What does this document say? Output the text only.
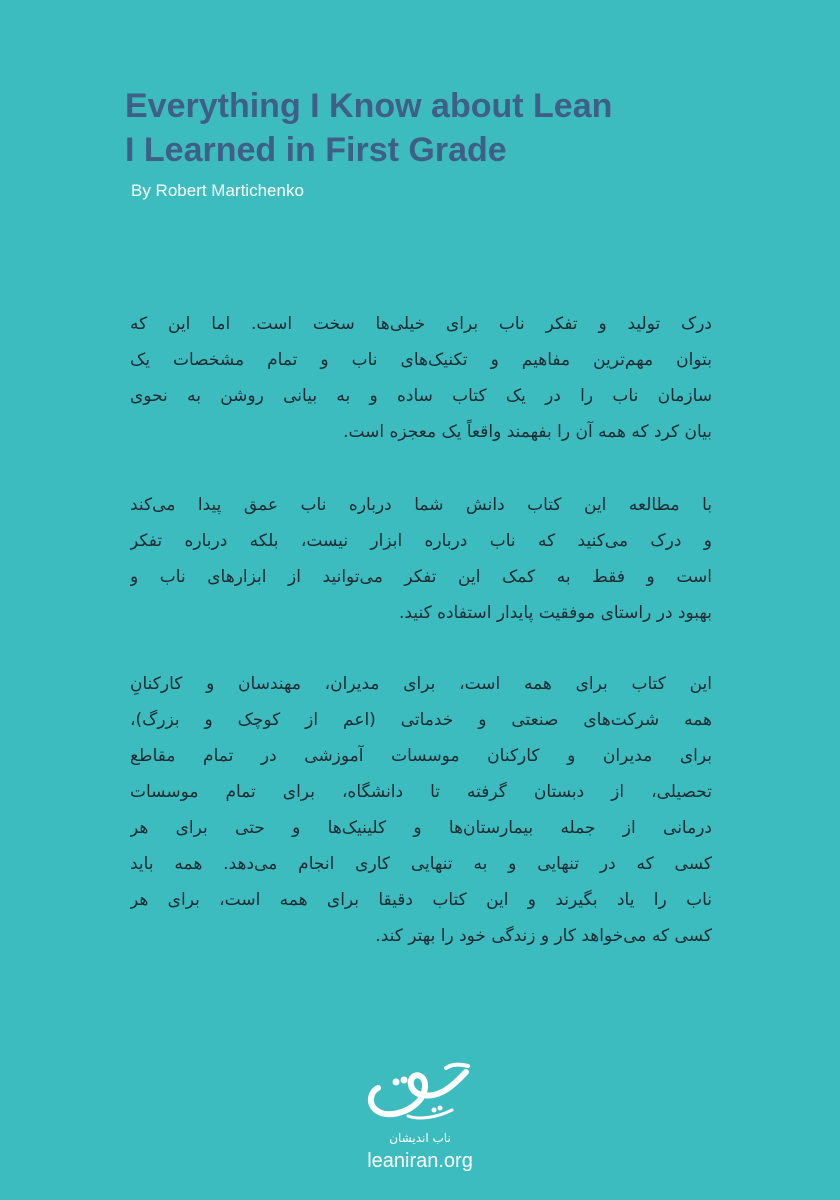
Everything I Know about Lean
I Learned in First Grade
By Robert Martichenko
درک تولید و تفکر ناب برای خیلی‌ها سخت است. اما این که
بتوان مهم‌ترین مفاهیم و تکنیک‌های ناب و تمام مشخصات یک
سازمان ناب را در یک کتاب ساده و به بیانی روشن به نحوی
بیان کرد که همه آن را بفهمند واقعاً یک معجزه است.
با مطالعه این کتاب دانش شما درباره ناب عمق پیدا می‌کند
و درک می‌کنید که ناب درباره ابزار نیست، بلکه درباره تفکر
است و فقط به کمک این تفکر می‌توانید از ابزارهای ناب و
بهبود در راستای موفقیت پایدار استفاده کنید.
این کتاب برای همه است، برای مدیران، مهندسان و کارکنانِ
همه شرکت‌های صنعتی و خدماتی (اعم از کوچک و بزرگ)،
برای مدیران و کارکنان موسسات آموزشی در تمام مقاطع
تحصیلی، از دبستان گرفته تا دانشگاه، برای تمام موسسات
درمانی از جمله بیمارستان‌ها و کلینیک‌ها و حتی برای هر
کسی که در تنهایی و به تنهایی کاری انجام می‌دهد. همه باید
ناب را یاد بگیرند و این کتاب دقیقا برای همه است، برای هر
کسی که می‌خواهد کار و زندگی خود را بهتر کند.
ناب اندیشان
leaniran.org
